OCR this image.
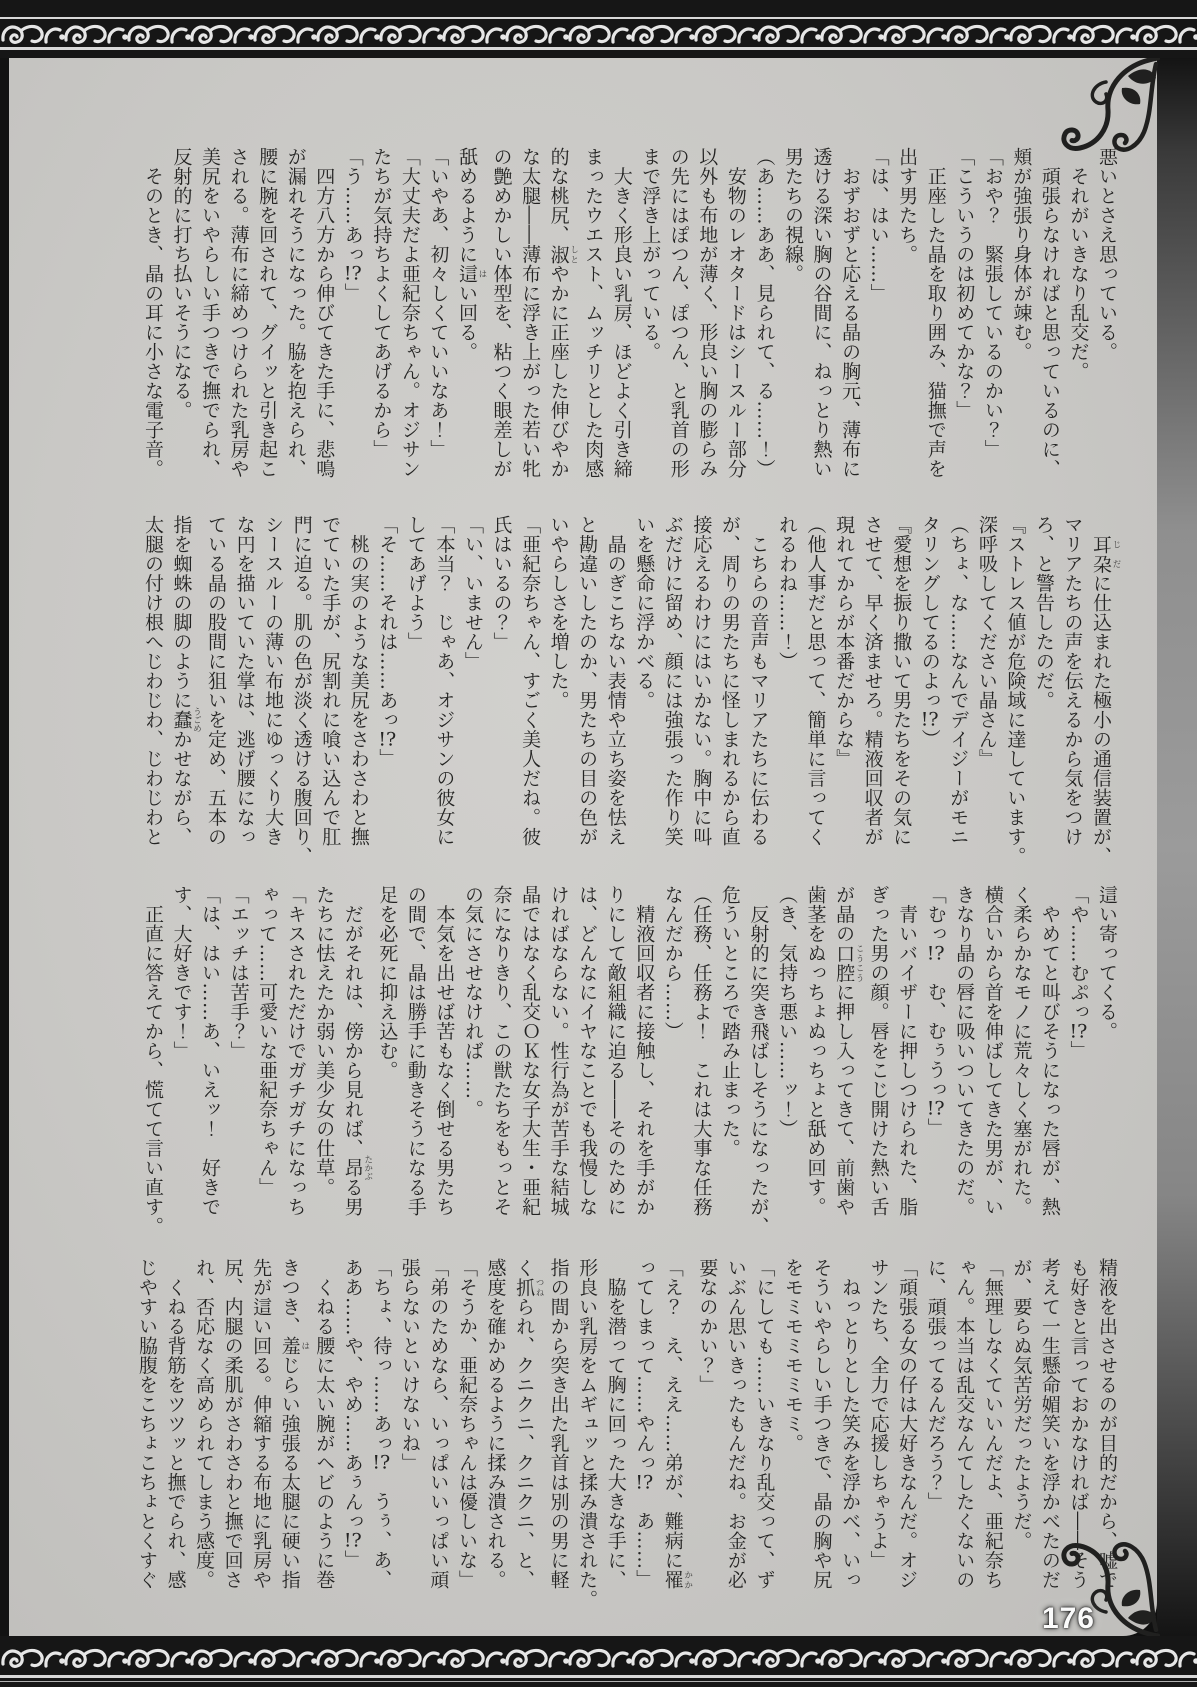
悪いとさえ思っている。

　それがいきなり乱交だ。

　頑張らなければと思っているのに、

頬が強張り身体が竦む。

「おや？　緊張しているのかい？」

「こういうのは初めてかな？」

　正座した晶を取り囲み、猫撫で声を

出す男たち。

「は、はい……」

　おずおずと応える晶の胸元、薄布に

透ける深い胸の谷間に、ねっとり熱い

男たちの視線。

（あ……ああ、見られて、る……！）

　安物のレオタードはシースルー部分

以外も布地が薄く、形良い胸の膨らみ

の先にはぽつん、ぽつん、と乳首の形

まで浮き上がっている。

　大きく形良い乳房、ほどよく引き締

まったウエスト、ムッチリとした肉感

的な桃尻、淑 しとやかに正座した伸びやか

な太腿――薄布に浮き上がった若い牝

の艶めかしい体型を、粘つく眼差しが

舐めるように這 はい回る。

「いやあ、初々しくていいなあ！」

「大丈夫だよ亜紀奈ちゃん。オジサン

たちが気持ちよくしてあげるから」

「う……あっ!?」

　四方八方から伸びてきた手に、悲鳴

が漏れそうになった。脇を抱えられ、

腰に腕を回されて、グイッと引き起こ

される。薄布に締めつけられた乳房や

美尻をいやらしい手つきで撫でられ、

反射的に打ち払いそうになる。

　そのとき、晶の耳に小さな電子音。

　耳朶 じだに仕込まれた極小の通信装置が、

マリアたちの声を伝えるから気をつけ

ろ、と警告したのだ。

『ストレス値が危険域に達しています。

深呼吸してください晶さん』

（ちょ、な……なんでデイジーがモニ

タリングしてるのよっ!?）

『愛想を振り撒いて男たちをその気に

させて、早く済ませろ。精液回収者が

現れてからが本番だからな』

（他人事だと思って、簡単に言ってく

れるわね……！）

　こちらの音声もマリアたちに伝わる

が、周りの男たちに怪しまれるから直

接応えるわけにはいかない。胸中に叫

ぶだけに留め、顔には強張った作り笑

いを懸命に浮かべる。

　晶のぎこちない表情や立ち姿を怯え

と勘違いしたのか、男たちの目の色が

いやらしさを増した。

「亜紀奈ちゃん、すごく美人だね。彼

氏はいるの？」

「い、いません」

「本当？　じゃあ、オジサンの彼女に

してあげよう」

「そ……それは……あっ!?」

　桃の実のような美尻をさわさわと撫

でていた手が、尻割れに喰い込んで肛

門に迫る。肌の色が淡く透ける腹回り、

シースルーの薄い布地にゆっくり大き

な円を描いていた掌は、逃げ腰になっ

ている晶の股間に狙いを定め、五本の

指を蜘蛛の脚のように蠢 うごめかせながら、

太腿の付け根へじわじわ、じわじわと

這い寄ってくる。

「や……むぷっ!?」

　やめてと叫びそうになった唇が、熱

く柔らかなモノに荒々しく塞がれた。

横合いから首を伸ばしてきた男が、い

きなり晶の唇に吸いついてきたのだ。

「むっ!?　む、むぅうっ!?」

　青いバイザーに押しつけられた、脂

ぎった男の顔。唇をこじ開けた熱い舌

が晶の口腔 こうこうに押し入ってきて、前歯や

歯茎をぬっちょぬっちょと舐め回す。

（き、気持ち悪い……ッ！）

　反射的に突き飛ばしそうになったが、

危ういところで踏み止まった。

（任務、任務よ！　これは大事な任務

なんだから……）

　精液回収者に接触し、それを手がか

りにして敵組織に迫る――そのために

は、どんなにイヤなことでも我慢しな

ければならない。性行為が苦手な結城

晶ではなく乱交ＯＫな女子大生・亜紀

奈になりきり、この獣たちをもっとそ

の気にさせなければ……。

　本気を出せば苦もなく倒せる男たち

の間で、晶は勝手に動きそうになる手

足を必死に抑え込む。

　だがそれは、傍から見れば、昂 たかぶる男

たちに怯えたか弱い美少女の仕草。

「キスされただけでガチガチになっち

ゃって……可愛いな亜紀奈ちゃん」

「エッチは苦手？」

「は、はい……あ、いえッ！　好きで

す、大好きです！」

　正直に答えてから、慌てて言い直す。

精液を出させるのが目的だから、嘘で

も好きと言っておかなければ――そう

考えて一生懸命媚笑いを浮かべたのだ

が、要らぬ気苦労だったようだ。

「無理しなくていいんだよ、亜紀奈ち

ゃん。本当は乱交なんてしたくないの

に、頑張ってるんだろう？」

「頑張る女の仔は大好きなんだ。オジ

サンたち、全力で応援しちゃうよ」

　ねっとりとした笑みを浮かべ、いっ

そういやらしい手つきで、晶の胸や尻

をモミモミモミモミ。

「にしても……いきなり乱交って、ず

いぶん思いきったもんだね。お金が必

要なのかい？」

「え？　え、ええ……弟が、難病に罹 かか

ってしまって……やんっ!?　あ……」

　脇を潜って胸に回った大きな手に、

形良い乳房をムギュッと揉み潰された。

指の間から突き出た乳首は別の男に軽

く抓 つねられ、クニクニ、クニクニ、と、

感度を確かめるように揉み潰される。

「そうか、亜紀奈ちゃんは優しいな」

「弟のためなら、いっぱいいっぱい頑

張らないといけないね」

「ちょ、待っ……あっ!?　うぅ、あ、

ああ……や、やめ……あぅんっ!?」

　くねる腰に太い腕がヘビのように巻

きつき、羞 はじらい強張る太腿に硬い指

先が這い回る。伸縮する布地に乳房や

尻、内腿の柔肌がさわさわと撫で回さ

れ、否応なく高められてしまう感度。

　くねる背筋をツツッと撫でられ、感

じやすい脇腹をこちょこちょとくすぐ

176
